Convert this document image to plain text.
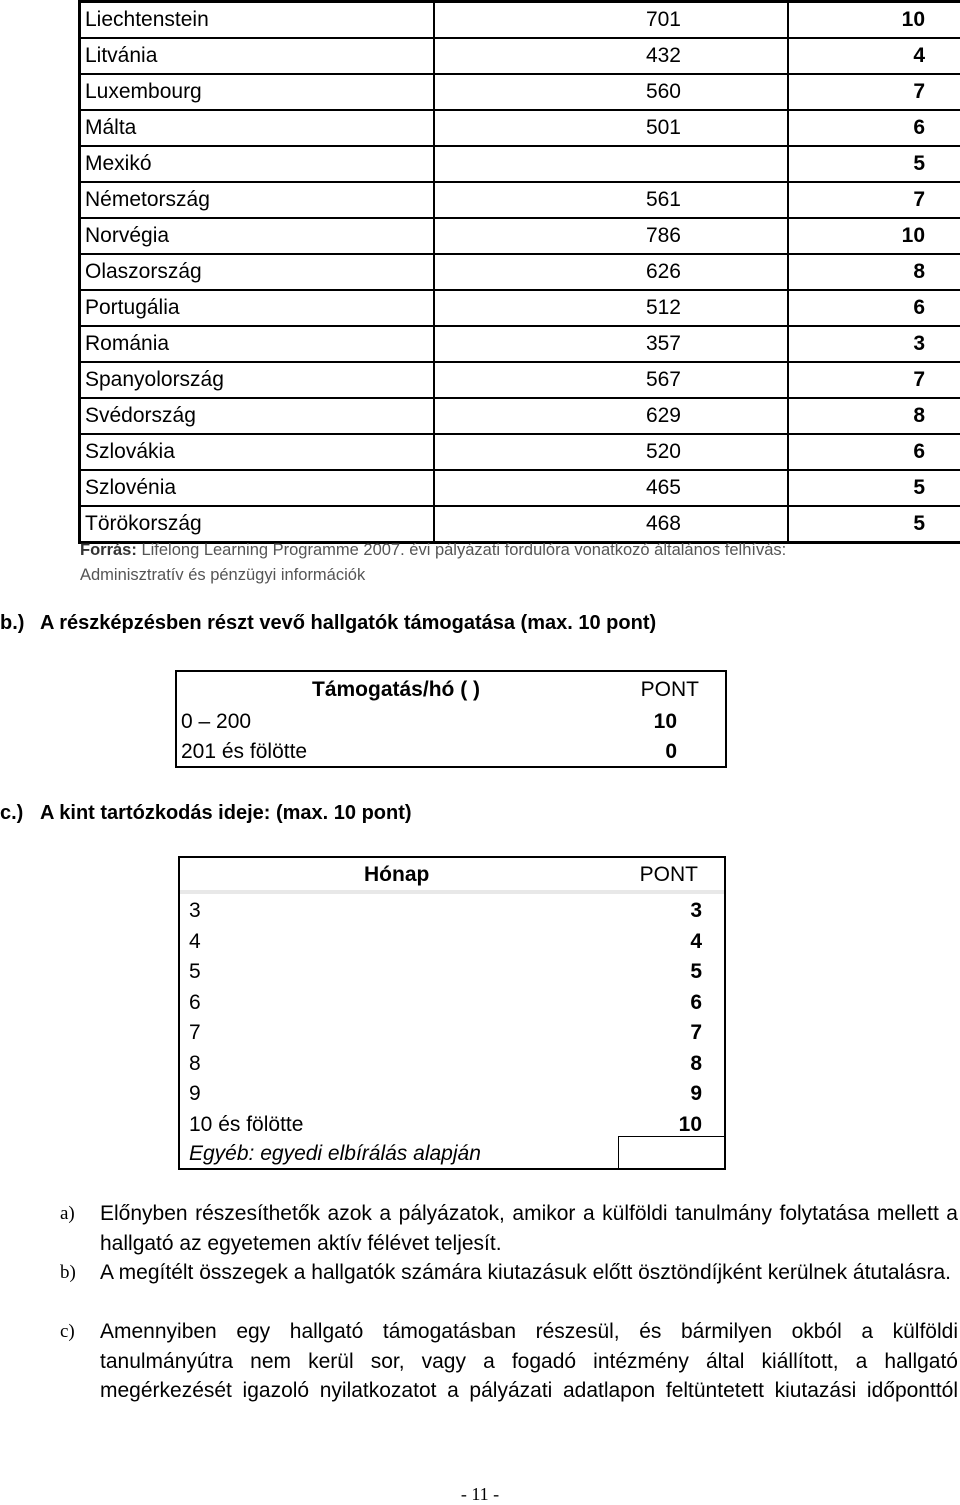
Liechtenstein	701	10
Litvánia	432	4
Luxembourg	560	7
Málta	501	6
Mexikó		5
Németország	561	7
Norvégia	786	10
Olaszország	626	8
Portugália	512	6
Románia	357	3
Spanyolország	567	7
Svédország	629	8
Szlovákia	520	6
Szlovénia	465	5
Törökország	468	5
Forrás: Lifelong Learning Programme 2007. évi pályázati fordulóra vonatkozó általános felhívás:
Adminisztratív és pénzügyi információk
b.) A részképzésben részt vevő hallgatók támogatása (max. 10 pont)
Támogatás/hó ( )	PONT
0 – 200	10
201 és fölötte	0
c.) A kint tartózkodás ideje: (max. 10 pont)
Hónap	PONT
3	3
4	4
5	5
6	6
7	7
8	8
9	9
10 és fölötte	10
Egyéb: egyedi elbírálás alapján
a) Előnyben részesíthetők azok a pályázatok, amikor a külföldi tanulmány folytatása mellett a hallgató az egyetemen aktív félévet teljesít.
b) A megítélt összegek a hallgatók számára kiutazásuk előtt ösztöndíjként kerülnek átutalásra.
c) Amennyiben egy hallgató támogatásban részesül, és bármilyen okból a külföldi tanulmányútra nem kerül sor, vagy a fogadó intézmény által kiállított, a hallgató megérkezését igazoló nyilatkozatot a pályázati adatlapon feltüntetett kiutazási időponttól
- 11 -
